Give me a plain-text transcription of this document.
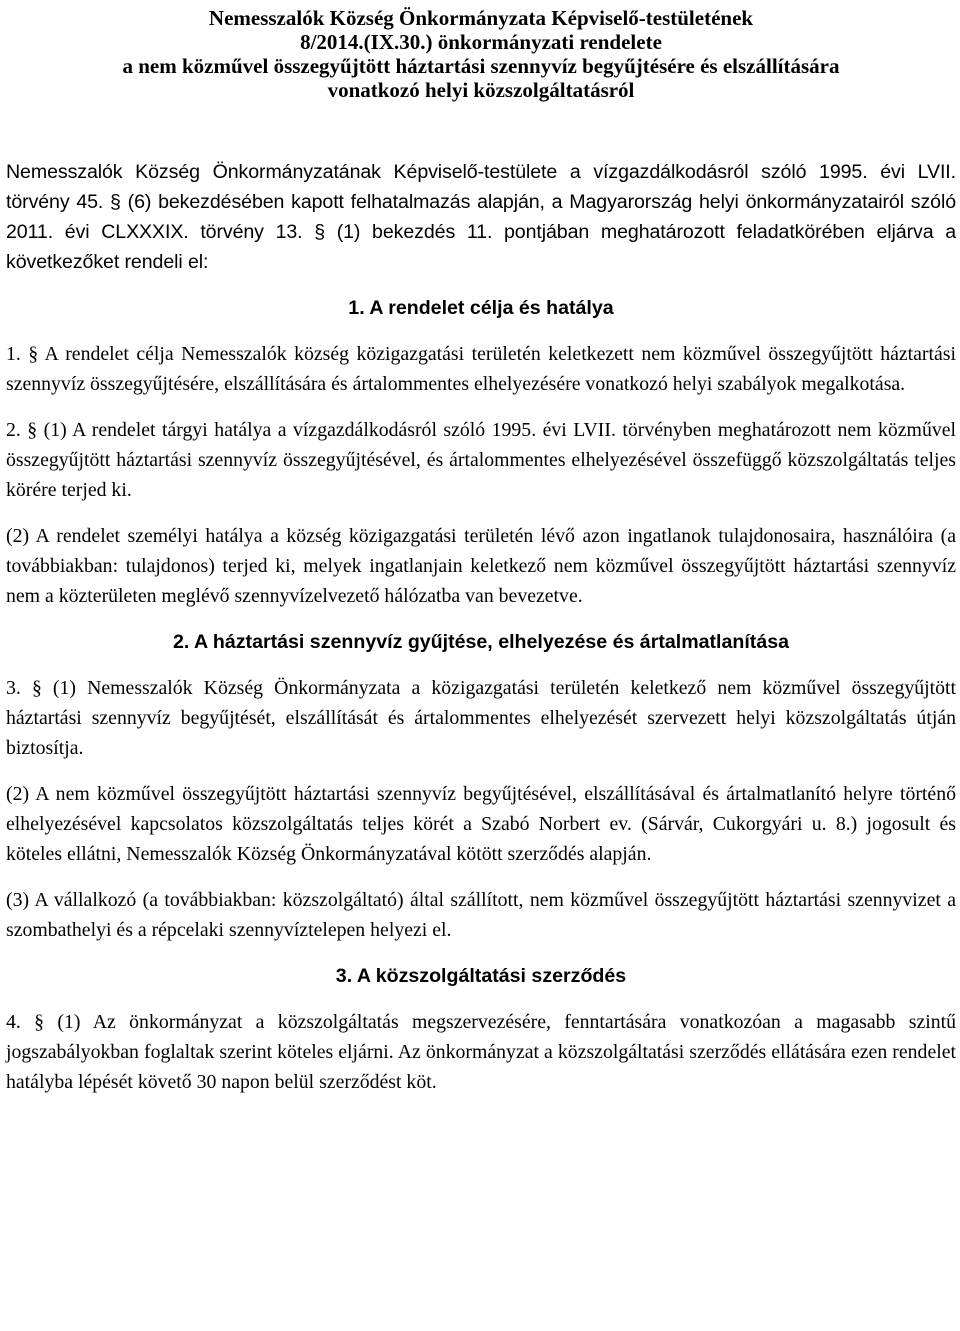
Nemesszalók Község Önkormányzata Képviselő-testületének
8/2014.(IX.30.) önkormányzati rendelete
a nem közművel összegyűjtött háztartási szennyvíz begyűjtésére és elszállítására
vonatkozó helyi közszolgáltatásról

Nemesszalók Község Önkormányzatának Képviselő-testülete a vízgazdálkodásról szóló 1995. évi LVII. törvény 45. § (6) bekezdésében kapott felhatalmazás alapján, a Magyarország helyi önkormányzatairól szóló 2011. évi CLXXXIX. törvény 13. § (1) bekezdés 11. pontjában meghatározott feladatkörében eljárva a következőket rendeli el:

1. A rendelet célja és hatálya

1. § A rendelet célja Nemesszalók község közigazgatási területén keletkezett nem közművel összegyűjtött háztartási szennyvíz összegyűjtésére, elszállítására és ártalommentes elhelyezésére vonatkozó helyi szabályok megalkotása.

2. § (1) A rendelet tárgyi hatálya a vízgazdálkodásról szóló 1995. évi LVII. törvényben meghatározott nem közművel összegyűjtött háztartási szennyvíz összegyűjtésével, és ártalommentes elhelyezésével összefüggő közszolgáltatás teljes körére terjed ki.

(2) A rendelet személyi hatálya a község közigazgatási területén lévő azon ingatlanok tulajdonosaira, használóira (a továbbiakban: tulajdonos) terjed ki, melyek ingatlanjain keletkező nem közművel összegyűjtött háztartási szennyvíz nem a közterületen meglévő szennyvízelvezető hálózatba van bevezetve.

2. A háztartási szennyvíz gyűjtése, elhelyezése és ártalmatlanítása

3. § (1) Nemesszalók Község Önkormányzata a közigazgatási területén keletkező nem közművel összegyűjtött háztartási szennyvíz begyűjtését, elszállítását és ártalommentes elhelyezését szervezett helyi közszolgáltatás útján biztosítja.

(2) A nem közművel összegyűjtött háztartási szennyvíz begyűjtésével, elszállításával és ártalmatlanító helyre történő elhelyezésével kapcsolatos közszolgáltatás teljes körét a Szabó Norbert ev. (Sárvár, Cukorgyári u. 8.) jogosult és köteles ellátni, Nemesszalók Község Önkormányzatával kötött szerződés alapján.

(3) A vállalkozó (a továbbiakban: közszolgáltató) által szállított, nem közművel összegyűjtött háztartási szennyvizet a szombathelyi és a répcelaki szennyvíztelepen helyezi el.

3. A közszolgáltatási szerződés

4. § (1) Az önkormányzat a közszolgáltatás megszervezésére, fenntartására vonatkozóan a magasabb szintű jogszabályokban foglaltak szerint köteles eljárni. Az önkormányzat a közszolgáltatási szerződés ellátására ezen rendelet hatályba lépését követő 30 napon belül szerződést köt.
